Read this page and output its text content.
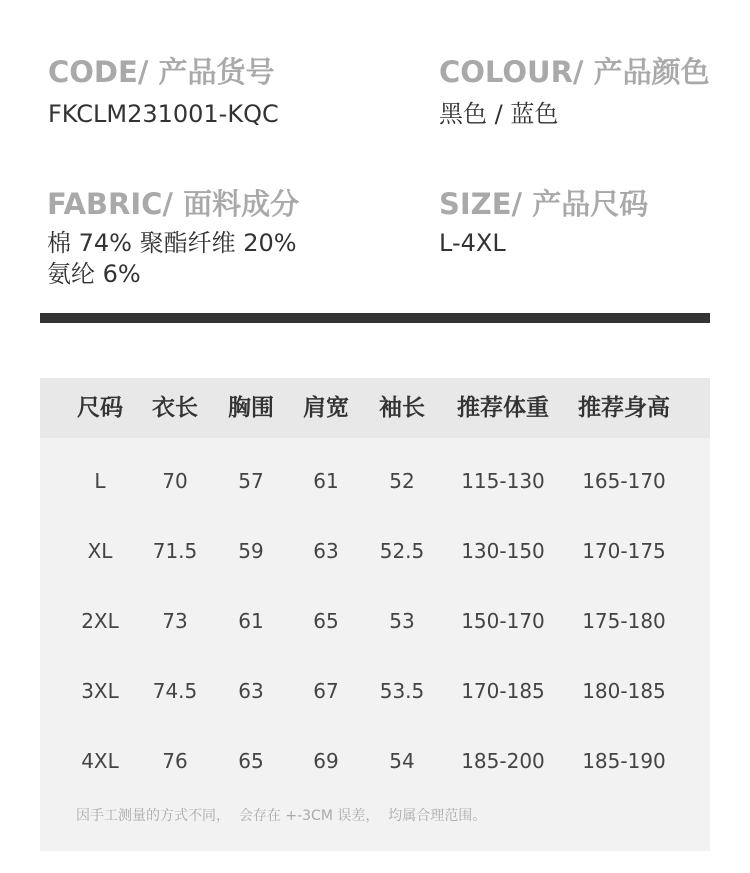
CODE/ 产品货号
FKCLM231001-KQC
COLOUR/ 产品颜色
黑色 / 蓝色
FABRIC/ 面料成分
棉 74% 聚酯纤维 20%
氨纶 6%
SIZE/ 产品尺码
L-4XL
尺码 衣长 胸围 肩宽 袖长 推荐体重 推荐身高
L	70	57 61	52 115-130 165-170
XL 71.5 59 63 52.5 130-150 170-175
2XL 73	61 65	53 150-170 175-180
3XL 74.5 63 67 53.5 170-185 180-185
4XL 76	65 69	54 185-200 185-190
因手工测量的方式不同，  会存在 +-3CM 误差，  均属合理范围。
